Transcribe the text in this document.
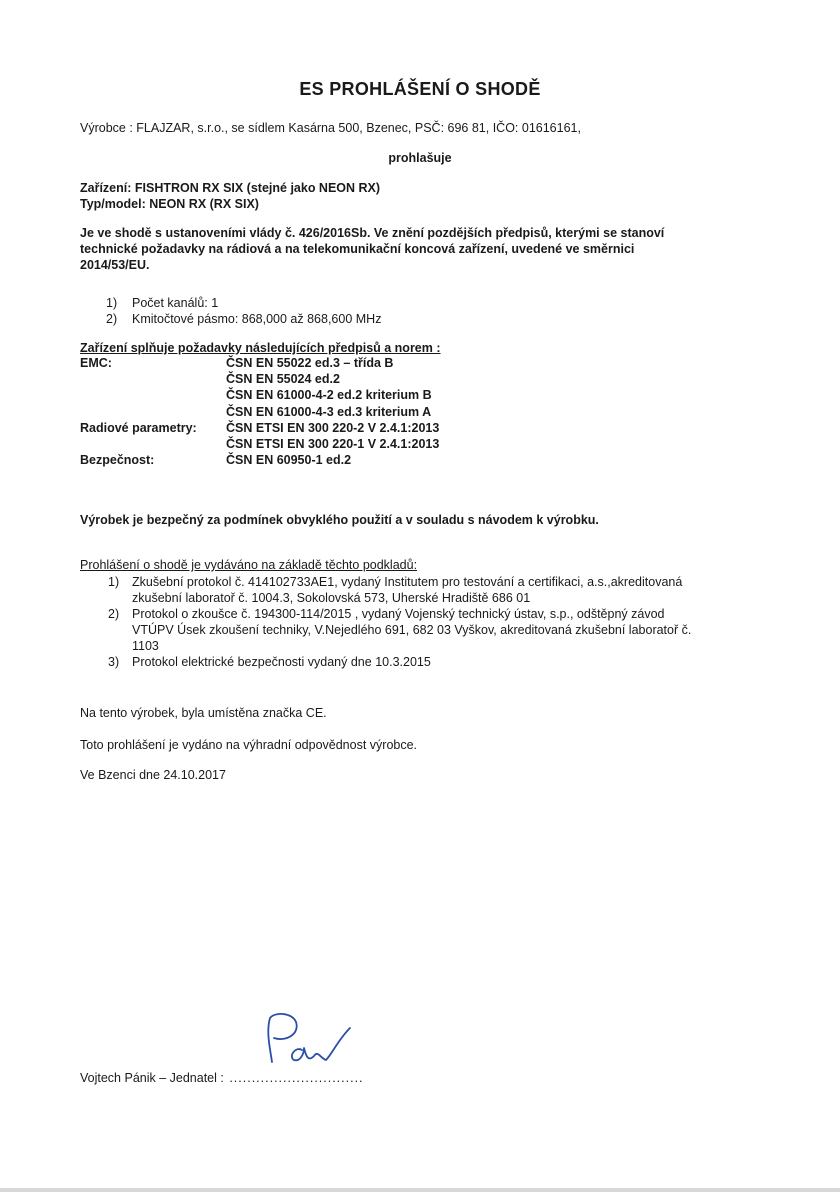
ES PROHLÁŠENÍ O SHODĚ
Výrobce : FLAJZAR, s.r.o., se sídlem Kasárna 500, Bzenec, PSČ: 696 81, IČO: 01616161,
prohlašuje
Zařízení: FISHTRON RX SIX (stejné jako NEON RX)
Typ/model: NEON RX (RX SIX)
Je ve shodě s ustanoveními vlády č. 426/2016Sb. Ve znění pozdějších předpisů, kterými se stanoví technické požadavky na rádiová a na telekomunikační koncová zařízení, uvedené ve směrnici 2014/53/EU.
1) Počet kanálů: 1
2) Kmitočtové pásmo: 868,000 až 868,600 MHz
Zařízení splňuje požadavky následujících předpisů a norem :
EMC:	ČSN EN 55022 ed.3 – třída B
	ČSN EN 55024 ed.2
	ČSN EN 61000-4-2 ed.2 kriterium B
	ČSN EN 61000-4-3 ed.3 kriterium A
Radiové parametry:	ČSN ETSI EN 300 220-2 V 2.4.1:2013
	ČSN ETSI EN 300 220-1 V 2.4.1:2013
Bezpečnost:	ČSN EN 60950-1 ed.2
Výrobek je bezpečný za podmínek obvyklého použití a v souladu s návodem k výrobku.
Prohlášení o shodě je vydáváno na základě těchto podkladů:
1) Zkušební protokol č. 414102733AE1, vydaný Institutem pro testování a certifikaci, a.s.,akreditovaná zkušební laboratoř č. 1004.3, Sokolovská 573, Uherské Hradiště 686 01
2) Protokol o zkoušce č. 194300-114/2015 , vydaný Vojenský technický ústav, s.p., odštěpný závod VTÚPV Úsek zkoušení techniky, V.Nejedlého 691, 682 03 Vyškov, akreditovaná zkušební laboratoř č. 1103
3) Protokol elektrické bezpečnosti vydaný dne 10.3.2015
Na tento výrobek, byla umístěna značka CE.
Toto prohlášení je vydáno na výhradní odpovědnost výrobce.
Ve Bzenci dne 24.10.2017
Vojtech Pánik – Jednatel : ..............................
